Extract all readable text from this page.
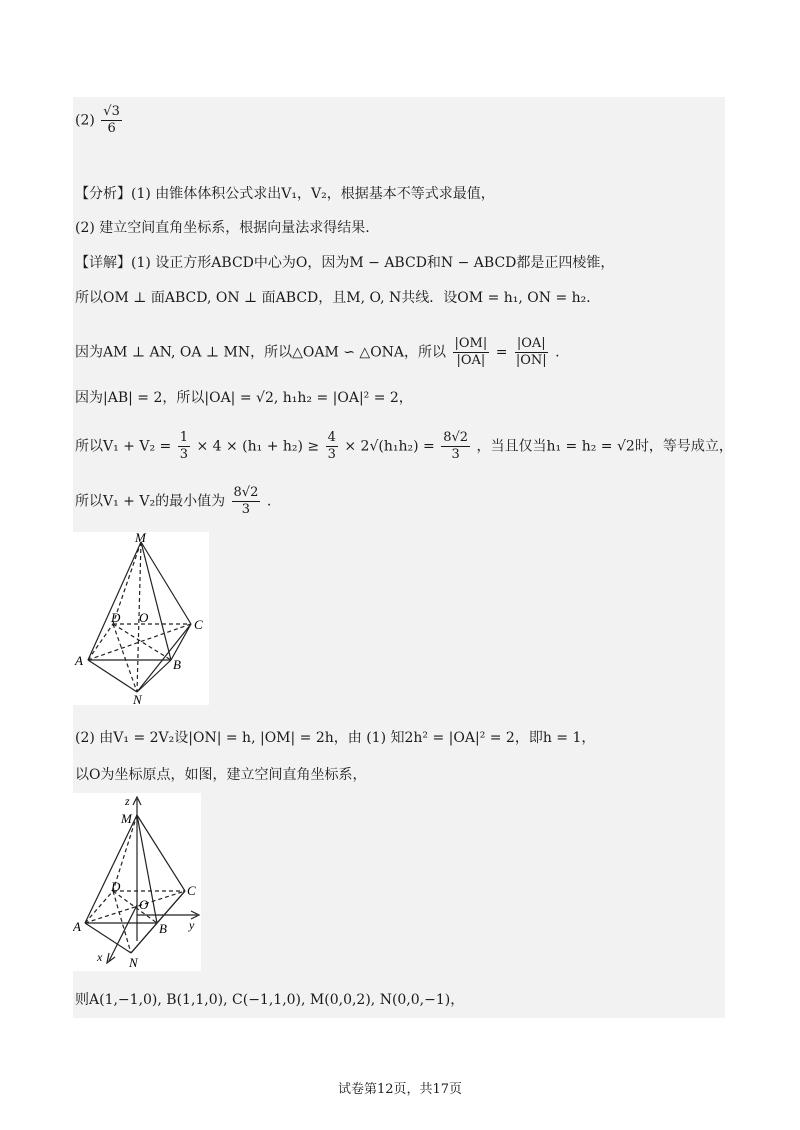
$(2) \frac{√3}{6}$
【分析】(1) 由锥体体积公式求出V₁，V₂，根据基本不等式求最值，
(2) 建立空间直角坐标系，根据向量法求得结果.
【详解】(1) 设正方形ABCD中心为O，因为M − ABCD和N − ABCD都是正四棱锥，
所以OM ⊥ 面ABCD, ON ⊥ 面ABCD，且M, O, N共线．设OM = h₁, ON = h₂．
因为AM ⊥ AN, OA ⊥ MN，所以△OAM ∽ △ONA，所以 $\frac{|OM|}{|OA|} = \frac{|OA|}{|ON|}$ .
因为|AB| = 2，所以|OA| = √2, h₁h₂ = |OA|² = 2，
所以$V_1 + V_2 = \frac{1}{3} \times 4 \times (h_1 + h_2) \ge \frac{4}{3} \times 2√(h_1h_2) = \frac{8√2}{3}$ ，当且仅当h₁ = h₂ = √2时，等号成立，
所以V₁ + V₂的最小值为 $\frac{8√2}{3}$ .
M
D O	C
A	B
N
(2) 由V₁ = 2V₂设|ON| = h, |OM| = 2h，由 (1) 知2h² = |OA|² = 2，即h = 1，
以O为坐标原点，如图，建立空间直角坐标系，
z
M
D	C
O
y
A	B
x N
则A(1,−1,0), B(1,1,0), C(−1,1,0), M(0,0,2), N(0,0,−1)，
试卷第12页，共17页
